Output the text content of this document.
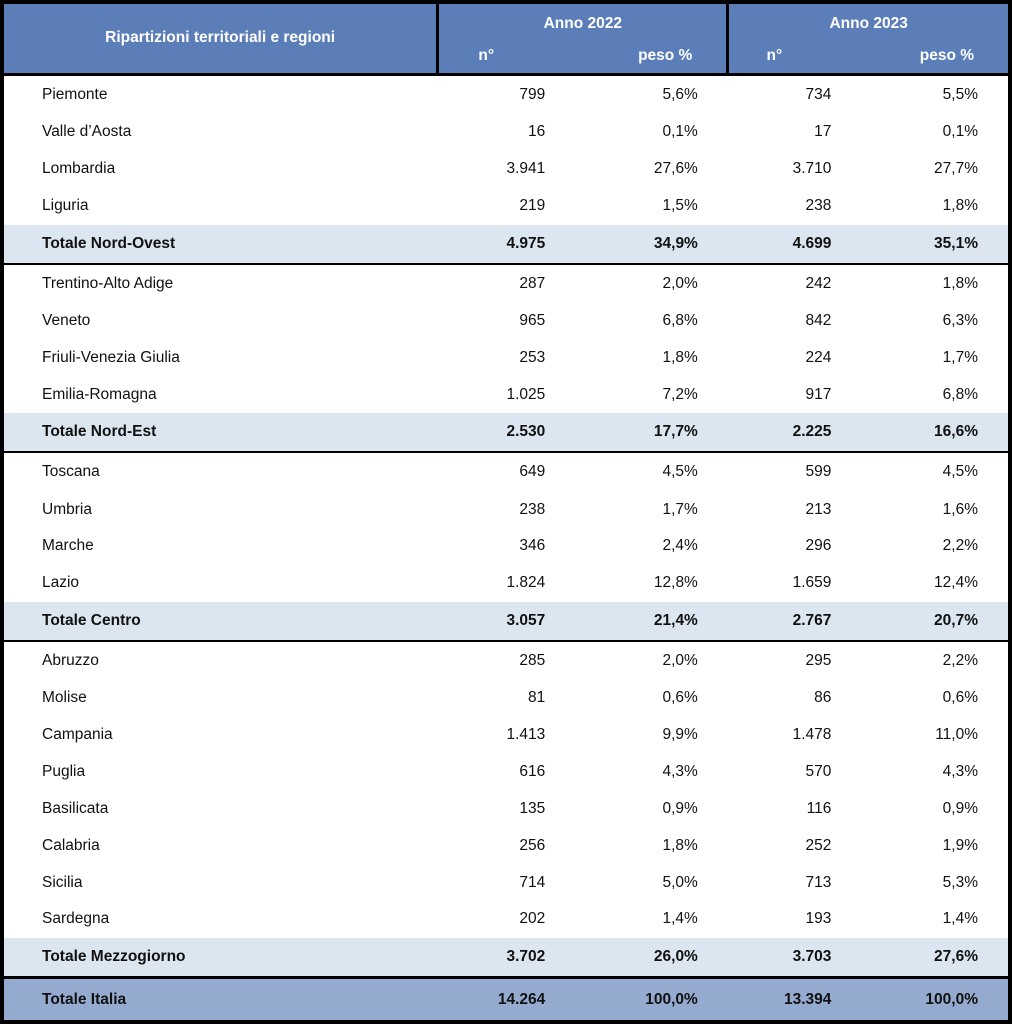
Ripartizioni territoriali e regioni	Anno 2022		Anno 2023	
	n°	peso %	n°	peso %
Piemonte	799	5,6%	734	5,5%
Valle d’Aosta	16	0,1%	17	0,1%
Lombardia	3.941	27,6%	3.710	27,7%
Liguria	219	1,5%	238	1,8%
Totale Nord-Ovest	4.975	34,9%	4.699	35,1%
Trentino-Alto Adige	287	2,0%	242	1,8%
Veneto	965	6,8%	842	6,3%
Friuli-Venezia Giulia	253	1,8%	224	1,7%
Emilia-Romagna	1.025	7,2%	917	6,8%
Totale Nord-Est	2.530	17,7%	2.225	16,6%
Toscana	649	4,5%	599	4,5%
Umbria	238	1,7%	213	1,6%
Marche	346	2,4%	296	2,2%
Lazio	1.824	12,8%	1.659	12,4%
Totale Centro	3.057	21,4%	2.767	20,7%
Abruzzo	285	2,0%	295	2,2%
Molise	81	0,6%	86	0,6%
Campania	1.413	9,9%	1.478	11,0%
Puglia	616	4,3%	570	4,3%
Basilicata	135	0,9%	116	0,9%
Calabria	256	1,8%	252	1,9%
Sicilia	714	5,0%	713	5,3%
Sardegna	202	1,4%	193	1,4%
Totale Mezzogiorno	3.702	26,0%	3.703	27,6%
Totale Italia	14.264	100,0%	13.394	100,0%
